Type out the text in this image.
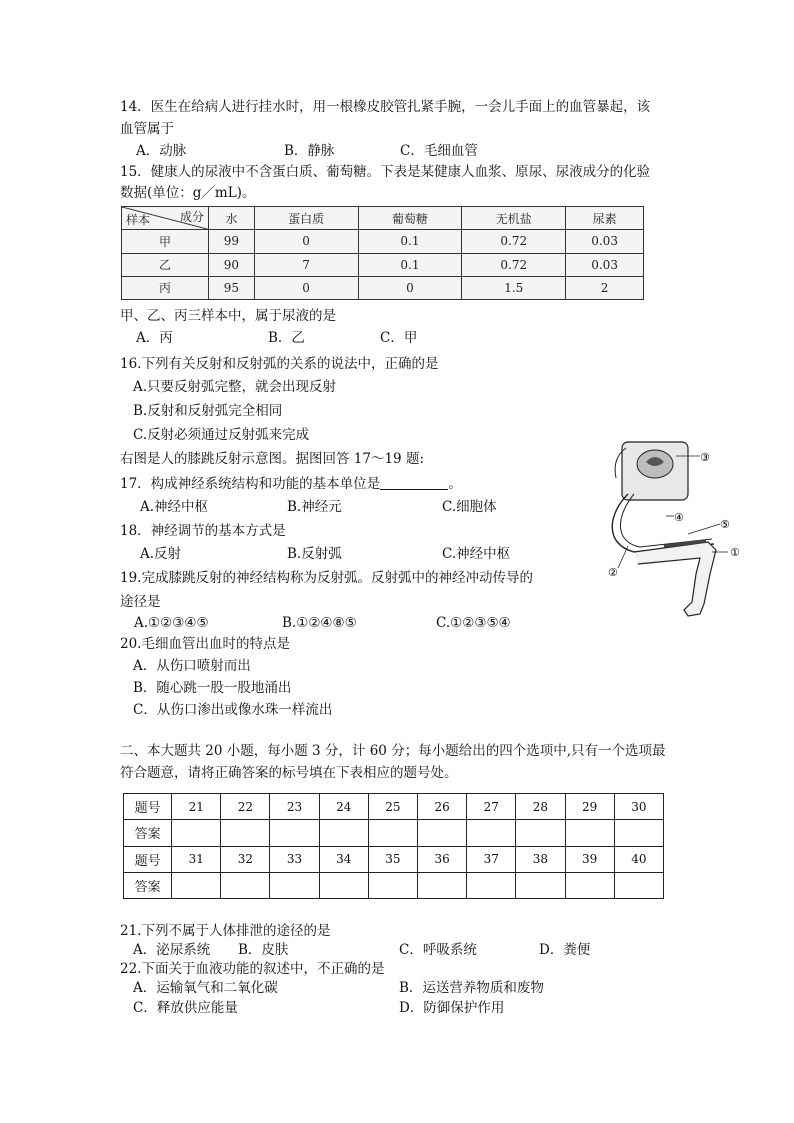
14．医生在给病人进行挂水时，用一根橡皮胶管扎紧手腕，一会儿手面上的血管暴起，该
血管属于
A．动脉	B．静脉	C．毛细血管
15．健康人的尿液中不含蛋白质、葡萄糖。下表是某健康人血浆、原尿、尿液成分的化验
数据(单位：g／mL)。
成分
样本	水	蛋白质	葡萄糖	无机盐	尿素
甲	99	0	0.1	0.72	0.03
乙	90	7	0.1	0.72	0.03
丙	95	0	0	1.5	2
甲、乙、丙三样本中，属于尿液的是
A．丙	B．乙	C．甲
16.下列有关反射和反射弧的关系的说法中，正确的是
A.只要反射弧完整，就会出现反射
B.反射和反射弧完全相同
C.反射必须通过反射弧来完成
右图是人的膝跳反射示意图。据图回答 17～19 题:
17．构成神经系统结构和功能的基本单位是	。
A.神经中枢	B.神经元	C.细胞体
18．神经调节的基本方式是
A.反射	B.反射弧	C.神经中枢
19.完成膝跳反射的神经结构称为反射弧。反射弧中的神经冲动传导的
途径是
A.①②③④⑤	B.①②④⑧⑤	C.①②③⑤④
20.毛细血管出血时的特点是
A．从伤口喷射而出
B．随心跳一股一股地涌出
C．从伤口渗出或像水珠一样流出
③
④
⑤
①
②
二、本大题共 20 小题，每小题 3 分，计 60 分；每小题给出的四个选项中,只有一个选项最
符合题意，请将正确答案的标号填在下表相应的题号处。
题号	21	22	23	24	25	26	27	28	29	30
答案										
题号	31	32	33	34	35	36	37	38	39	40
答案										
21.下列不属于人体排泄的途径的是
A．泌尿系统 B．皮肤	C．呼吸系统	D．粪便
22.下面关于血液功能的叙述中，不正确的是
A．运输氧气和二氧化碳	B．运送营养物质和废物
C．释放供应能量	D．防御保护作用
